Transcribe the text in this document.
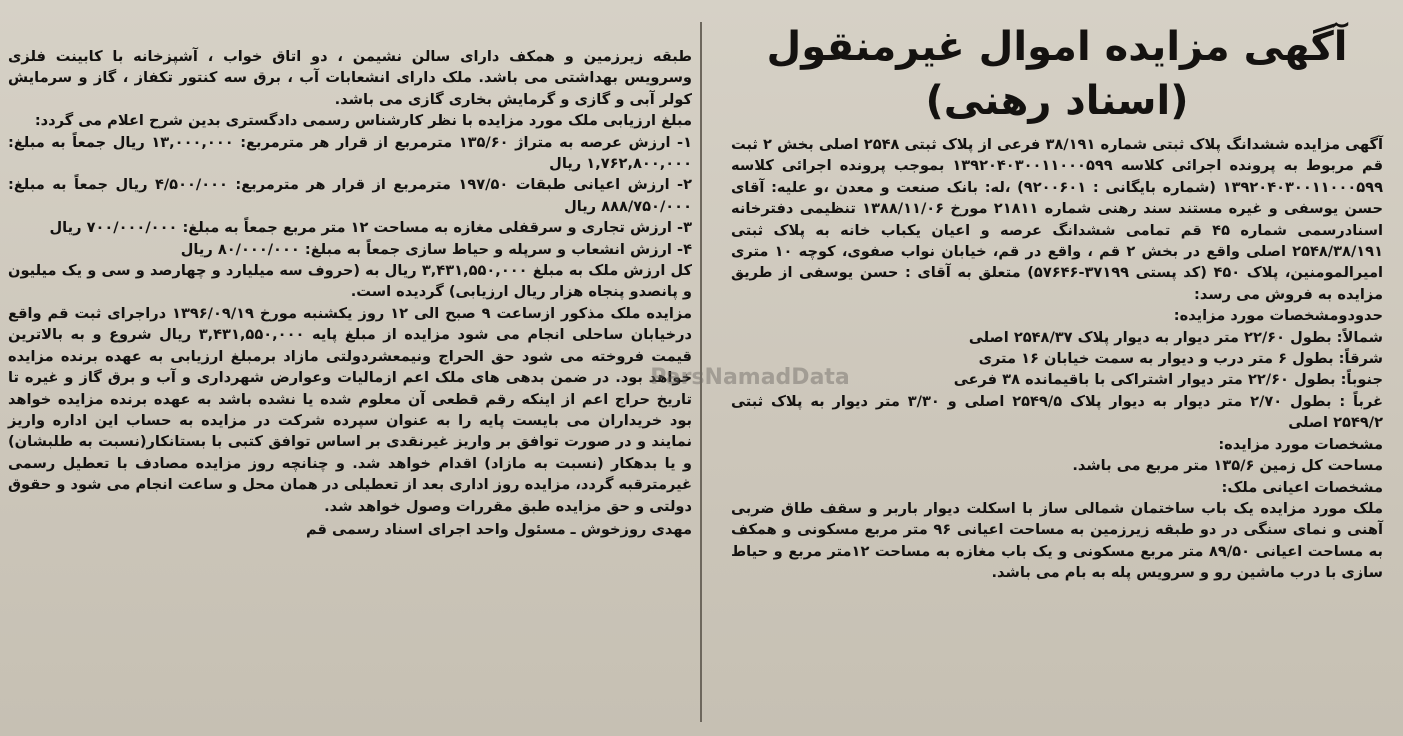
آگهی مزایده اموال غیرمنقول (اسناد رهنی)

آگهی مزایده ششدانگ پلاک ثبتی شماره ۳۸/۱۹۱ فرعی از پلاک ثبتی ۲۵۴۸ اصلی بخش ۲ ثبت قم مربوط به پرونده اجرائی کلاسه ۱۳۹۲۰۴۰۳۰۰۱۱۰۰۰۵۹۹ بموجب پرونده اجرائی کلاسه ۱۳۹۲۰۴۰۳۰۰۱۱۰۰۰۵۹۹ (شماره بایگانی : ۹۲۰۰۶۰۱) ،له: بانک صنعت و معدن ،و علیه: آقای حسن یوسفی و غیره مستند سند رهنی شماره ۲۱۸۱۱ مورخ ۱۳۸۸/۱۱/۰۶ تنظیمی دفترخانه اسنادرسمی شماره ۴۵ قم تمامی ششدانگ عرصه و اعیان یکباب خانه به پلاک ثبتی ۲۵۴۸/۳۸/۱۹۱ اصلی واقع در بخش ۲ قم ، واقع در قم، خیابان نواب صفوی، کوچه ۱۰ متری امیرالمومنین، پلاک ۴۵۰ (کد پستی ۳۷۱۹۹-۵۷۶۴۶) متعلق به آقای : حسن یوسفی از طریق مزایده به فروش می رسد:

حدودومشخصات مورد مزایده:

شمالاً: بطول ۲۲/۶۰ متر دیوار به دیوار پلاک ۲۵۴۸/۳۷ اصلی

شرقاً: بطول ۶ متر درب و دیوار به سمت خیابان ۱۶ متری

جنوباً: بطول ۲۲/۶۰ متر دیوار اشتراکی با باقیمانده ۳۸ فرعی

غرباً : بطول ۲/۷۰ متر دیوار به دیوار پلاک ۲۵۴۹/۵ اصلی و ۳/۳۰ متر دیوار به پلاک ثبتی ۲۵۴۹/۲ اصلی

مشخصات مورد مزایده:

مساحت کل زمین ۱۳۵/۶ متر مربع می باشد.

مشخصات اعیانی ملک:

ملک مورد مزایده یک باب ساختمان شمالی ساز با اسکلت دیوار باربر و سقف طاق ضربی آهنی و نمای سنگی در دو طبقه زیرزمین به مساحت اعیانی ۹۶ متر مربع مسکونی و همکف به مساحت اعیانی ۸۹/۵۰ متر مربع مسکونی و یک باب مغازه به مساحت ۱۲متر مربع و حیاط سازی با درب ماشین رو و سرویس پله به بام می باشد.

طبقه زیرزمین و همکف دارای سالن نشیمن ، دو اتاق خواب ، آشپزخانه با کابینت فلزی وسرویس بهداشتی می باشد. ملک دارای انشعابات آب ، برق سه کنتور تکفاز ، گاز و سرمایش کولر آبی و گازی و گرمایش بخاری گازی می باشد.

مبلغ ارزیابی ملک مورد مزایده با نظر کارشناس رسمی دادگستری بدین شرح اعلام می گردد:

۱- ارزش عرصه به متراژ ۱۳۵/۶۰ مترمربع از قرار هر مترمربع: ۱۳,۰۰۰,۰۰۰ ریال جمعاً به مبلغ: ۱,۷۶۲,۸۰۰,۰۰۰ ریال

۲- ارزش اعیانی طبقات ۱۹۷/۵۰ مترمربع از قرار هر مترمربع: ۴/۵۰۰/۰۰۰ ریال جمعاً به مبلغ: ۸۸۸/۷۵۰/۰۰۰ ریال

۳- ارزش تجاری و سرقفلی مغازه به مساحت ۱۲ متر مربع جمعاً به مبلغ: ۷۰۰/۰۰۰/۰۰۰ ریال

۴- ارزش انشعاب و سرپله و حیاط سازی جمعاً به مبلغ: ۸۰/۰۰۰/۰۰۰ ریال

کل ارزش ملک به مبلغ ۳,۴۳۱,۵۵۰,۰۰۰ ریال به (حروف سه میلیارد و چهارصد و سی و یک میلیون و پانصدو پنجاه هزار ریال ارزیابی) گردیده است.

مزایده ملک مذکور ازساعت ۹ صبح الی ۱۲ روز یکشنبه مورخ ۱۳۹۶/۰۹/۱۹ دراجرای ثبت قم واقع درخیابان ساحلی انجام می شود مزایده از مبلغ پایه ۳,۴۳۱,۵۵۰,۰۰۰ ریال شروع و به بالاترین قیمت فروخته می شود حق الحراج ونیمعشردولتی مازاد برمبلغ ارزیابی به عهده برنده مزایده خواهد بود. در ضمن بدهی های ملک اعم ازمالیات وعوارض شهرداری و آب و برق گاز و غیره تا تاریخ حراج اعم از اینکه رقم قطعی آن معلوم شده یا نشده باشد به عهده برنده مزایده خواهد بود خریداران می بایست پایه را به عنوان سپرده شرکت در مزایده به حساب این اداره واریز نمایند و در صورت توافق بر واریز غیرنقدی بر اساس توافق کتبی با بستانکار(نسبت به طلبشان) و یا بدهکار (نسبت به مازاد) اقدام خواهد شد. و چنانچه روز مزایده مصادف با تعطیل رسمی غیرمترقبه گردد، مزایده روز اداری بعد از تعطیلی در همان محل و ساعت انجام می شود و حقوق دولتی و حق مزایده طبق مقررات وصول خواهد شد.

مهدی روزخوش ـ مسئول واحد اجرای اسناد رسمی قم

ParsNamadData
